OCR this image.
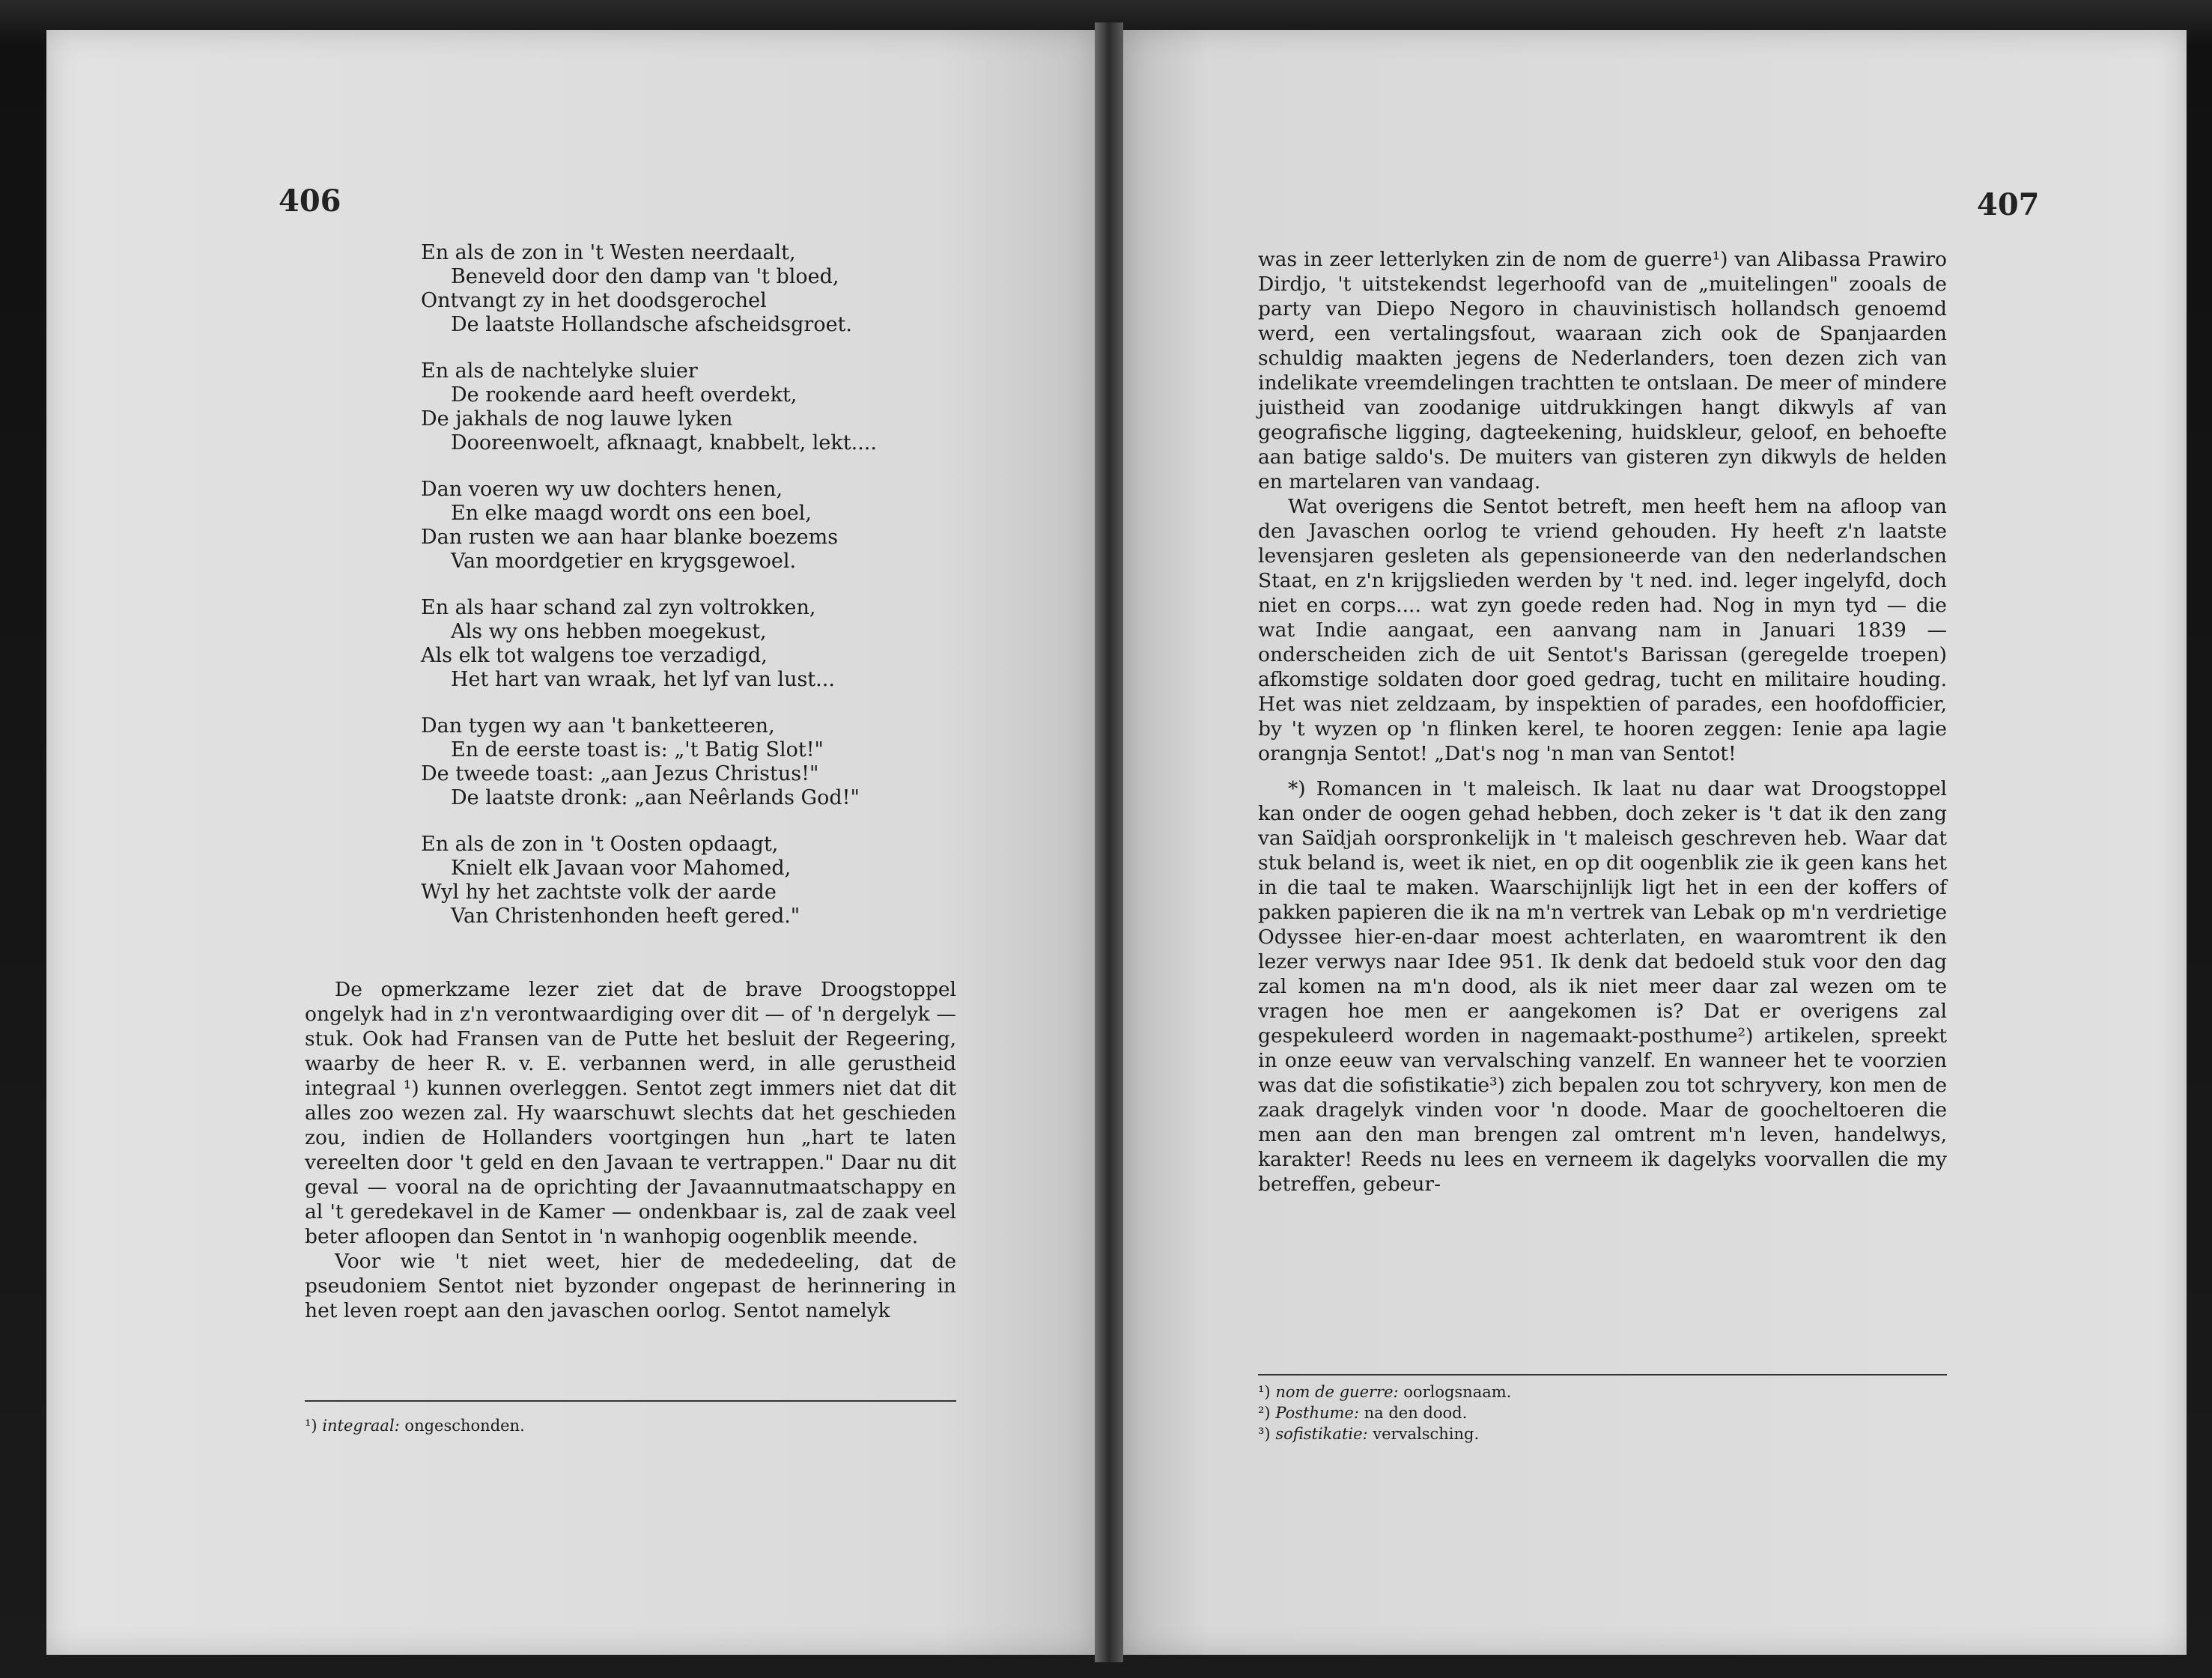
406
En als de zon in 't Westen neerdaalt,
Beneveld door den damp van 't bloed,
Ontvangt zy in het doodsgerochel
De laatste Hollandsche afscheidsgroet.
En als de nachtelyke sluier
De rookende aard heeft overdekt,
De jakhals de nog lauwe lyken
Dooreenwoelt, afknaagt, knabbelt, lekt....
Dan voeren wy uw dochters henen,
En elke maagd wordt ons een boel,
Dan rusten we aan haar blanke boezems
Van moordgetier en krygsgewoel.
En als haar schand zal zyn voltrokken,
Als wy ons hebben moegekust,
Als elk tot walgens toe verzadigd,
Het hart van wraak, het lyf van lust...
Dan tygen wy aan 't banketteeren,
En de eerste toast is: „'t Batig Slot!"
De tweede toast: „aan Jezus Christus!"
De laatste dronk: „aan Neêrlands God!"
En als de zon in 't Oosten opdaagt,
Knielt elk Javaan voor Mahomed,
Wyl hy het zachtste volk der aarde
Van Christenhonden heeft gered."

De opmerkzame lezer ziet dat de brave Droogstoppel ongelyk had in z'n verontwaardiging over dit — of 'n dergelyk — stuk. Ook had Fransen van de Putte het besluit der Regeering, waarby de heer R. v. E. verbannen werd, in alle gerustheid integraal ¹) kunnen overleggen. Sentot zegt immers niet dat dit alles zoo wezen zal. Hy waarschuwt slechts dat het geschieden zou, indien de Hollanders voortgingen hun „hart te laten vereelten door 't geld en den Javaan te vertrappen." Daar nu dit geval — vooral na de oprichting der Javaannutmaatschappy en al 't geredekavel in de Kamer — ondenkbaar is, zal de zaak veel beter afloopen dan Sentot in 'n wanhopig oogenblik meende.

Voor wie 't niet weet, hier de mededeeling, dat de pseudoniem Sentot niet byzonder ongepast de herinnering in het leven roept aan den javaschen oorlog. Sentot namelyk

¹) integraal: ongeschonden.
407

was in zeer letterlyken zin de nom de guerre¹) van Alibassa Prawiro Dirdjo, 't uitstekendst legerhoofd van de „muitelingen" zooals de party van Diepo Negoro in chauvinistisch hollandsch genoemd werd, een vertalingsfout, waaraan zich ook de Spanjaarden schuldig maakten jegens de Nederlanders, toen dezen zich van indelikate vreemdelingen trachtten te ontslaan. De meer of mindere juistheid van zoodanige uitdrukkingen hangt dikwyls af van geografische ligging, dagteekening, huidskleur, geloof, en behoefte aan batige saldo's. De muiters van gisteren zyn dikwyls de helden en martelaren van vandaag.

Wat overigens die Sentot betreft, men heeft hem na afloop van den Javaschen oorlog te vriend gehouden. Hy heeft z'n laatste levensjaren gesleten als gepensioneerde van den nederlandschen Staat, en z'n krijgslieden werden by 't ned. ind. leger ingelyfd, doch niet en corps.... wat zyn goede reden had. Nog in myn tyd — die wat Indie aangaat, een aanvang nam in Januari 1839 — onderscheiden zich de uit Sentot's Barissan (geregelde troepen) afkomstige soldaten door goed gedrag, tucht en militaire houding. Het was niet zeldzaam, by inspektien of parades, een hoofdofficier, by 't wyzen op 'n flinken kerel, te hooren zeggen: Ienie apa lagie orangnja Sentot! „Dat's nog 'n man van Sentot!

*) Romancen in 't maleisch. Ik laat nu daar wat Droogstoppel kan onder de oogen gehad hebben, doch zeker is 't dat ik den zang van Saïdjah oorspronkelijk in 't maleisch geschreven heb. Waar dat stuk beland is, weet ik niet, en op dit oogenblik zie ik geen kans het in die taal te maken. Waarschijnlijk ligt het in een der koffers of pakken papieren die ik na m'n vertrek van Lebak op m'n verdrietige Odyssee hier-en-daar moest achterlaten, en waaromtrent ik den lezer verwys naar Idee 951. Ik denk dat bedoeld stuk voor den dag zal komen na m'n dood, als ik niet meer daar zal wezen om te vragen hoe men er aangekomen is? Dat er overigens zal gespekuleerd worden in nagemaakt-posthume²) artikelen, spreekt in onze eeuw van vervalsching vanzelf. En wanneer het te voorzien was dat die sofistikatie³) zich bepalen zou tot schryvery, kon men de zaak dragelyk vinden voor 'n doode. Maar de goocheltoeren die men aan den man brengen zal omtrent m'n leven, handelwys, karakter! Reeds nu lees en verneem ik dagelyks voorvallen die my betreffen, gebeur-

¹) nom de guerre: oorlogsnaam.
²) Posthume: na den dood.
³) sofistikatie: vervalsching.
